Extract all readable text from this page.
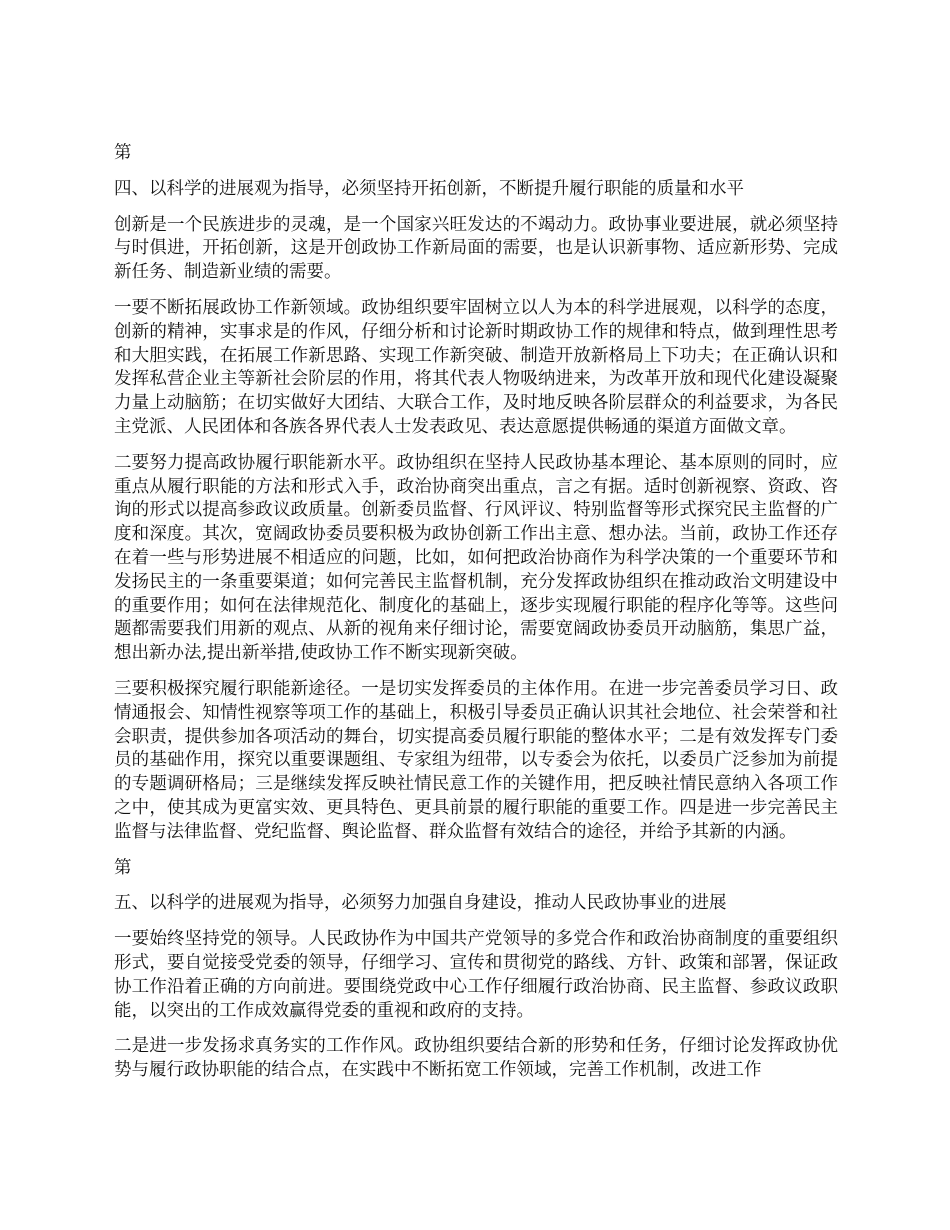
第
四、以科学的进展观为指导，必须坚持开拓创新，不断提升履行职能的质量和水平

创新是一个民族进步的灵魂，是一个国家兴旺发达的不竭动力。政协事业要进展，就必须坚持与时俱进，开拓创新，这是开创政协工作新局面的需要，也是认识新事物、适应新形势、完成新任务、制造新业绩的需要。

一要不断拓展政协工作新领域。政协组织要牢固树立以人为本的科学进展观，以科学的态度，创新的精神，实事求是的作风，仔细分析和讨论新时期政协工作的规律和特点，做到理性思考和大胆实践，在拓展工作新思路、实现工作新突破、制造开放新格局上下功夫；在正确认识和发挥私营企业主等新社会阶层的作用，将其代表人物吸纳进来，为改革开放和现代化建设凝聚力量上动脑筋；在切实做好大团结、大联合工作，及时地反映各阶层群众的利益要求，为各民主党派、人民团体和各族各界代表人士发表政见、表达意愿提供畅通的渠道方面做文章。

二要努力提高政协履行职能新水平。政协组织在坚持人民政协基本理论、基本原则的同时，应重点从履行职能的方法和形式入手，政治协商突出重点，言之有据。适时创新视察、资政、咨询的形式以提高参政议政质量。创新委员监督、行风评议、特别监督等形式探究民主监督的广度和深度。其次，宽阔政协委员要积极为政协创新工作出主意、想办法。当前，政协工作还存在着一些与形势进展不相适应的问题，比如，如何把政治协商作为科学决策的一个重要环节和发扬民主的一条重要渠道；如何完善民主监督机制，充分发挥政协组织在推动政治文明建设中的重要作用；如何在法律规范化、制度化的基础上，逐步实现履行职能的程序化等等。这些问题都需要我们用新的观点、从新的视角来仔细讨论，需要宽阔政协委员开动脑筋，集思广益，想出新办法,提出新举措,使政协工作不断实现新突破。

三要积极探究履行职能新途径。一是切实发挥委员的主体作用。在进一步完善委员学习日、政情通报会、知情性视察等项工作的基础上，积极引导委员正确认识其社会地位、社会荣誉和社会职责，提供参加各项活动的舞台，切实提高委员履行职能的整体水平；二是有效发挥专门委员的基础作用，探究以重要课题组、专家组为纽带，以专委会为依托，以委员广泛参加为前提的专题调研格局；三是继续发挥反映社情民意工作的关键作用，把反映社情民意纳入各项工作之中，使其成为更富实效、更具特色、更具前景的履行职能的重要工作。四是进一步完善民主监督与法律监督、党纪监督、舆论监督、群众监督有效结合的途径，并给予其新的内涵。

第
五、以科学的进展观为指导，必须努力加强自身建设，推动人民政协事业的进展

一要始终坚持党的领导。人民政协作为中国共产党领导的多党合作和政治协商制度的重要组织形式，要自觉接受党委的领导，仔细学习、宣传和贯彻党的路线、方针、政策和部署，保证政协工作沿着正确的方向前进。要围绕党政中心工作仔细履行政治协商、民主监督、参政议政职能，以突出的工作成效赢得党委的重视和政府的支持。

二是进一步发扬求真务实的工作作风。政协组织要结合新的形势和任务，仔细讨论发挥政协优势与履行政协职能的结合点，在实践中不断拓宽工作领域，完善工作机制，改进工作
